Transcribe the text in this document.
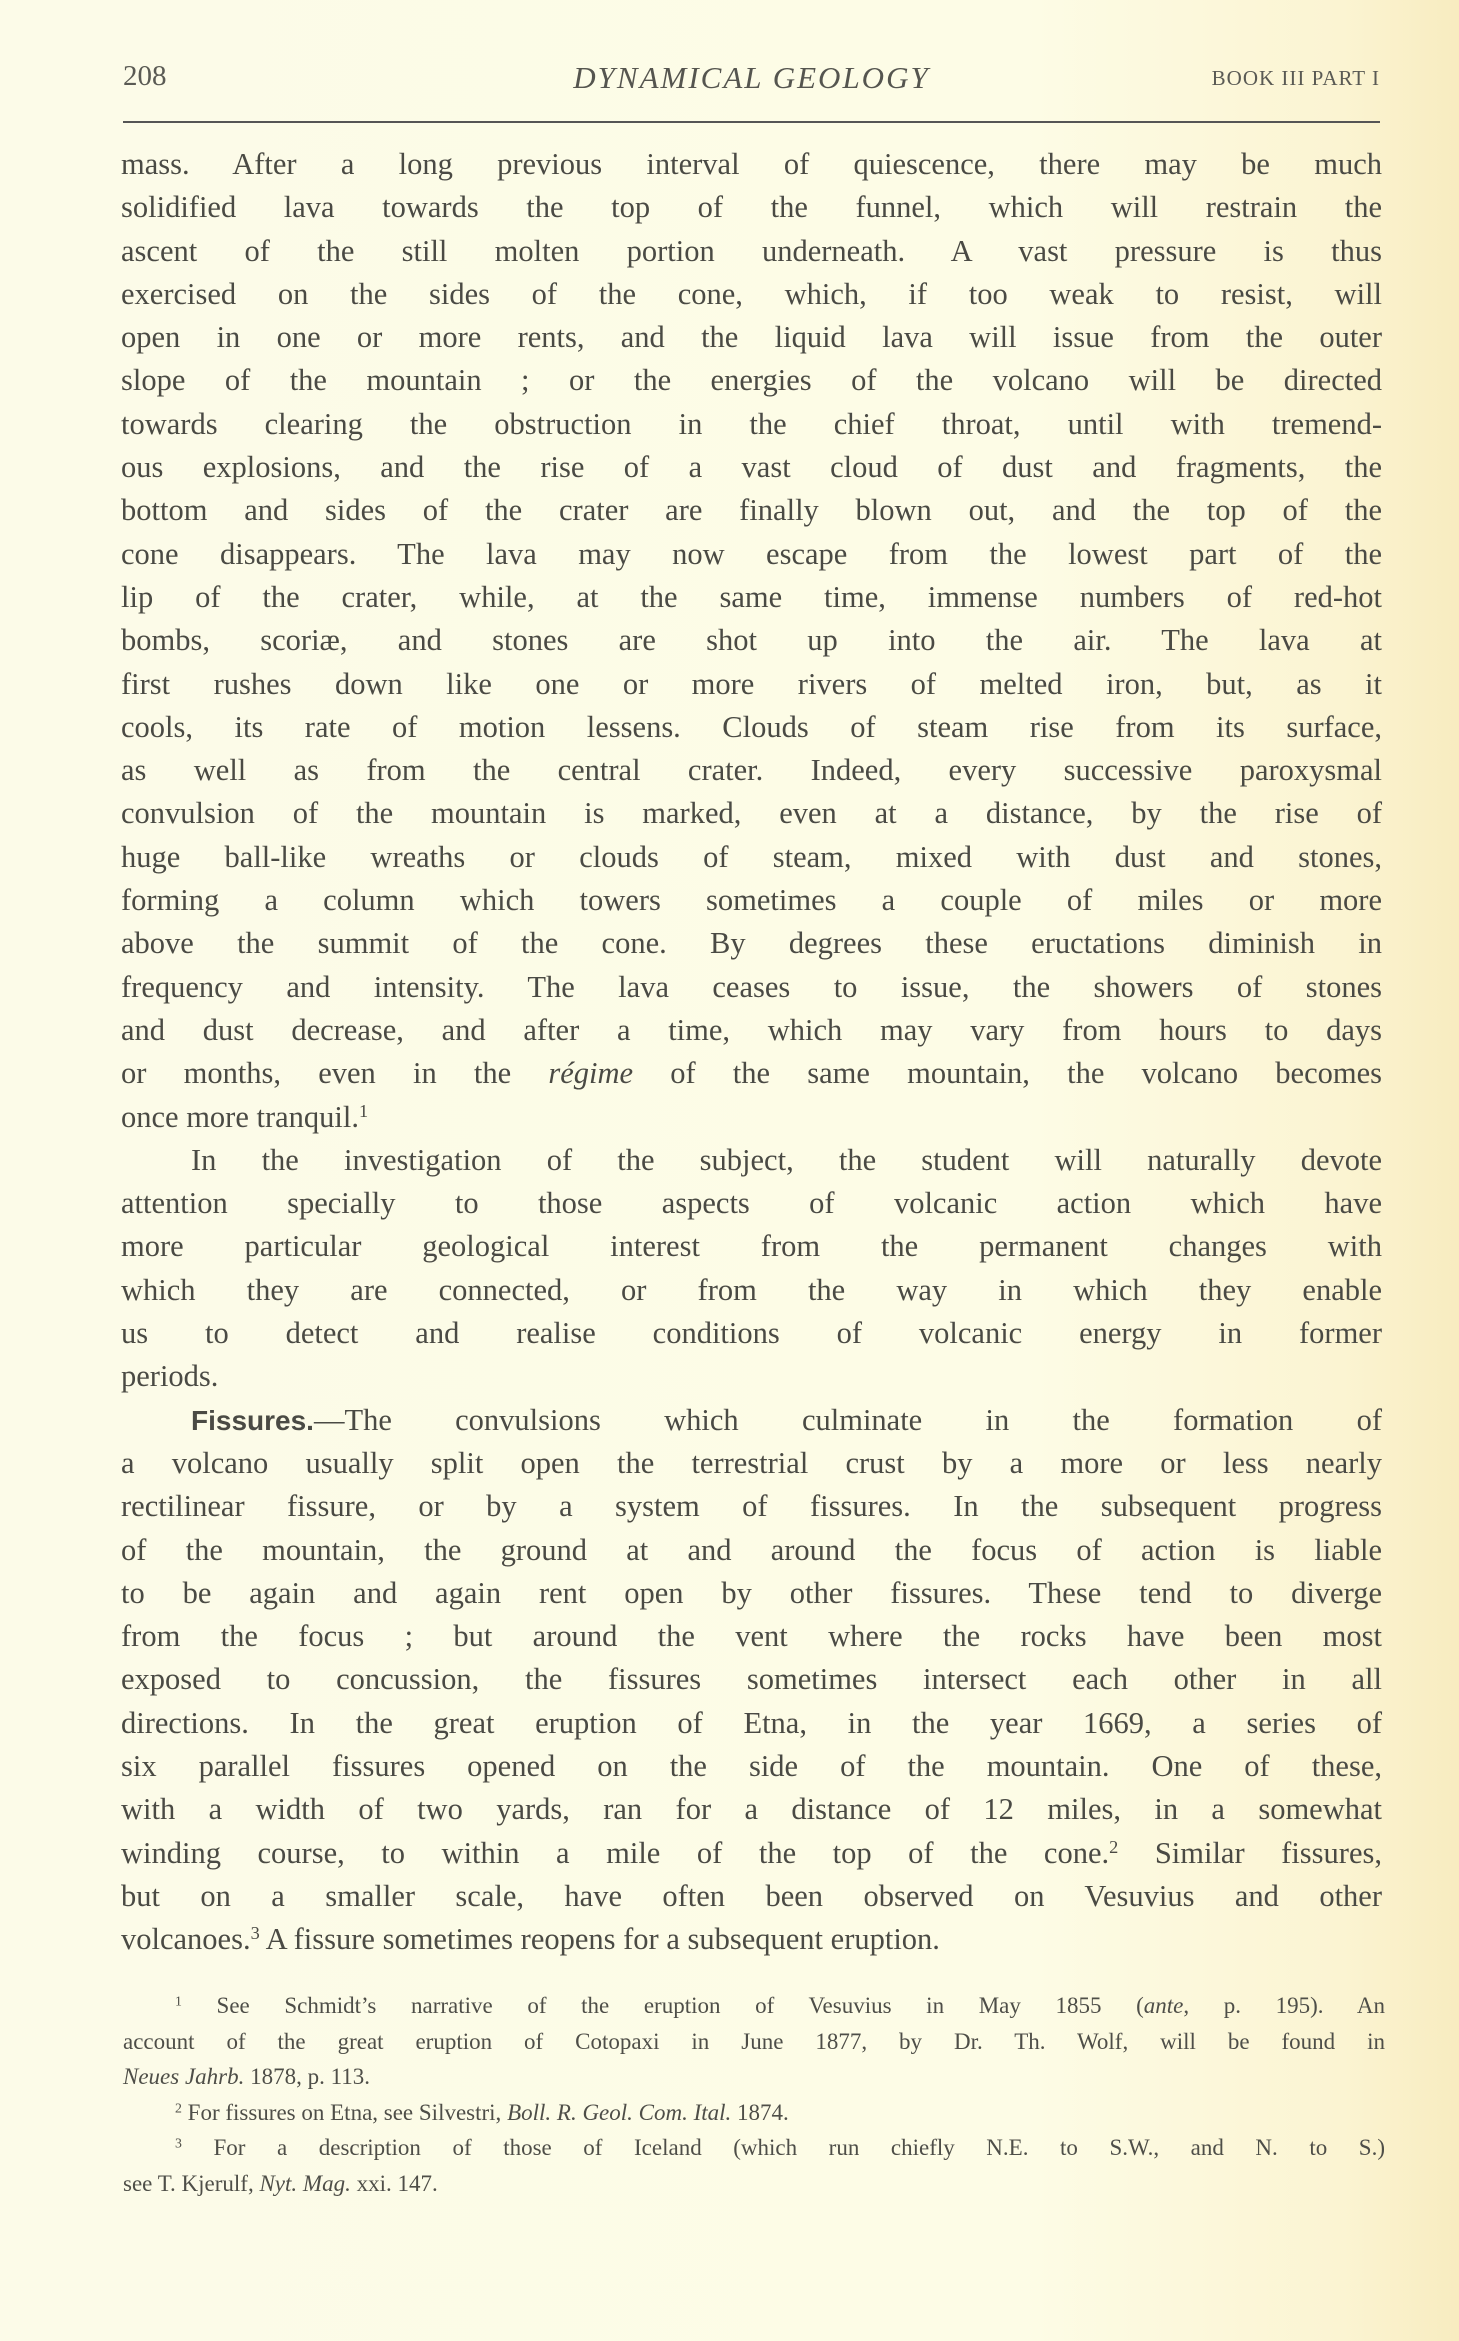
208	DYNAMICAL GEOLOGY	BOOK III PART I
mass. After a long previous interval of quiescence, there may be much
solidified lava towards the top of the funnel, which will restrain the
ascent of the still molten portion underneath. A vast pressure is thus
exercised on the sides of the cone, which, if too weak to resist, will
open in one or more rents, and the liquid lava will issue from the outer
slope of the mountain ; or the energies of the volcano will be directed
towards clearing the obstruction in the chief throat, until with tremend-
ous explosions, and the rise of a vast cloud of dust and fragments, the
bottom and sides of the crater are finally blown out, and the top of the
cone disappears. The lava may now escape from the lowest part of the
lip of the crater, while, at the same time, immense numbers of red-hot
bombs, scoriæ, and stones are shot up into the air. The lava at
first rushes down like one or more rivers of melted iron, but, as it
cools, its rate of motion lessens. Clouds of steam rise from its surface,
as well as from the central crater. Indeed, every successive paroxysmal
convulsion of the mountain is marked, even at a distance, by the rise of
huge ball-like wreaths or clouds of steam, mixed with dust and stones,
forming a column which towers sometimes a couple of miles or more
above the summit of the cone. By degrees these eructations diminish in
frequency and intensity. The lava ceases to issue, the showers of stones
and dust decrease, and after a time, which may vary from hours to days
or months, even in the régime of the same mountain, the volcano becomes
once more tranquil.$^1$
In the investigation of the subject, the student will naturally devote
attention specially to those aspects of volcanic action which have
more particular geological interest from the permanent changes with
which they are connected, or from the way in which they enable
us to detect and realise conditions of volcanic energy in former
periods.
Fissures.—The convulsions which culminate in the formation of
a volcano usually split open the terrestrial crust by a more or less nearly
rectilinear fissure, or by a system of fissures. In the subsequent progress
of the mountain, the ground at and around the focus of action is liable
to be again and again rent open by other fissures. These tend to diverge
from the focus ; but around the vent where the rocks have been most
exposed to concussion, the fissures sometimes intersect each other in all
directions. In the great eruption of Etna, in the year 1669, a series of
six parallel fissures opened on the side of the mountain. One of these,
with a width of two yards, ran for a distance of 12 miles, in a somewhat
winding course, to within a mile of the top of the cone.$^2$ Similar fissures,
but on a smaller scale, have often been observed on Vesuvius and other
volcanoes.$^3$ A fissure sometimes reopens for a subsequent eruption.
$^1$ See Schmidt’s narrative of the eruption of Vesuvius in May 1855 (ante, p. 195). An
account of the great eruption of Cotopaxi in June 1877, by Dr. Th. Wolf, will be found in
Neues Jahrb. 1878, p. 113.
$^2$ For fissures on Etna, see Silvestri, Boll. R. Geol. Com. Ital. 1874.
$^3$ For a description of those of Iceland (which run chiefly N.E. to S.W., and N. to S.)
see T. Kjerulf, Nyt. Mag. xxi. 147.
